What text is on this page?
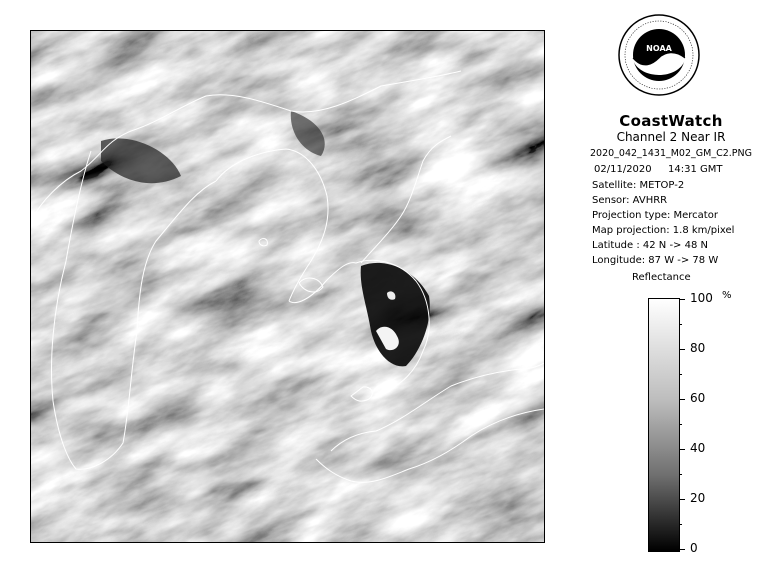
NOAA
CoastWatch
Channel 2 Near IR
2020_042_1431_M02_GM_C2.PNG
02/11/2020 14:31 GMT
Satellite: METOP-2
Sensor: AVHRR
Projection type: Mercator
Map projection: 1.8 km/pixel
Latitude : 42 N -> 48 N
Longitude: 87 W -> 78 W
Reflectance
%
100
80
60
40
20
0
